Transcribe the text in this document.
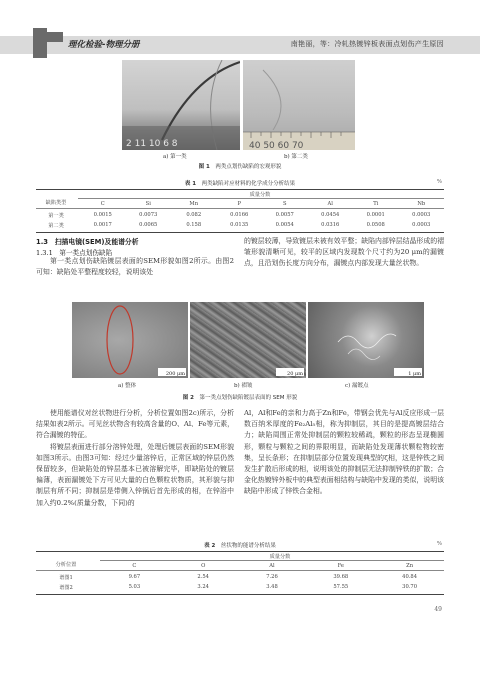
理化检验-物理分册	南艳丽，等：冷轧热镀锌板表面点划伤产生原因
2 11 10 6 8	40 50 60 70
a) 第一类	b) 第二类
图 1　 两类点划伤缺陷的宏观形貌
表 1　 两类缺陷对应材料的化学成分分析结果	%
缺陷类型
质量分数
C	Si	Mn	P	S	Al	Ti	Nb
第一类	0.0015	0.0073	0.082	0.0166	0.0057	0.0454	0.0001	0.0003
第二类	0.0017	0.0065	0.158	0.0135	0.0054	0.0316	0.0508	0.0003
1.3　扫描电镜(SEM)及能谱分析
1.3.1　第一类点划伤缺陷
第一类点划伤缺陷镀层表面的SEM形貌如图2所示。由图2可知：缺陷处平整程度较轻，说明该处
的镀层较薄，导致镀层未被有效平整；缺陷内部锌层结晶形成的褶皱形貌清晰可见，较平的区域内发现数个尺寸约为20 μm的漏镀点，且沿划伤长度方向分布，漏镀点内部发现大量丝状物。
200 μm	20 μm	1 μm
a) 整体	b) 褶皱	c) 漏镀点
图 2　 第一类点划伤缺陷镀层表面的 SEM 形貌
使用能谱仪对丝状物进行分析，分析位置如图2c)所示，分析结果如表2所示。可见丝状物含有较高含量的O、Al、Fe等元素，符合漏镀的特征。
　　将镀层表面进行部分溶锌处理，处理后镀层表面的SEM形貌如图3所示。由图3可知：经过少量溶锌后，正常区域的锌层仍然保留较多，但缺陷处的锌层基本已被溶解完毕，即缺陷处的镀层偏薄，表面漏镀处下方可见大量的白色颗粒状物质，其形貌与抑制层有所不同；抑制层是带侧入锌锅后首先形成的相，在锌浴中加入约0.2%(质量分数，下同)的
Al，Al和Fe的亲和力高于Zn和Fe，带钢会优先与Al反应形成一层数百纳米厚度的Fe₂Al₅相，称为抑制层，其目的是提高镀层结合力；缺陷周围正常处抑制层的颗粒较稀疏，颗粒的形态呈现椭圆形，颗粒与颗粒之间的界限明显，而缺陷处发现薄状颗粒物较密集，呈长条形；在抑制层部分位置发现典型的ζ相，这是锌铁之间发生扩散后形成的相，说明该处的抑制层无法抑制锌铁的扩散；合金化热镀锌外板中的典型表面相结构与缺陷中发现的类似，说明该缺陷中形成了锌铁合金相。
表 2　 丝状物的能谱分析结果	%
分析位置
质量分数
C	O	Al	Fe	Zn
谱图1	9.67	2.54	7.26	39.68	40.84
谱图2	5.03	3.24	3.48	57.55	30.70
49
